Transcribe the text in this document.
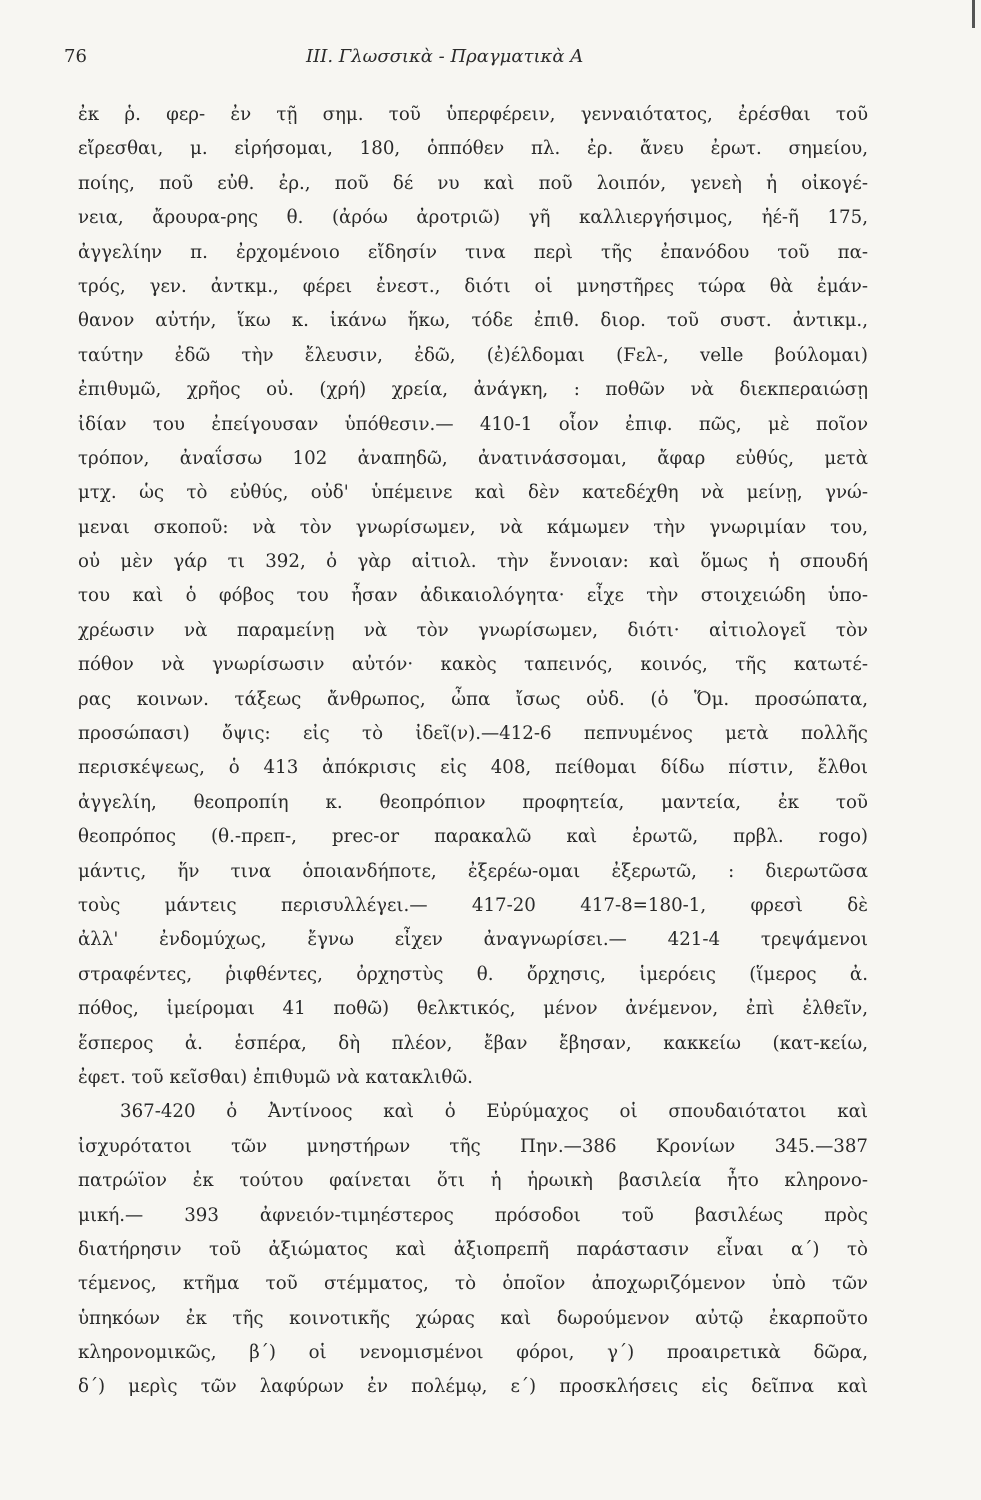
76	III. Γλωσσικὰ - Πραγματικὰ Α
ἐκ ῥ. φερ- ἐν τῇ σημ. τοῦ ὑπερφέρειν, γενναιότατος, ἐρέσθαι τοῦ
εἴρεσθαι, μ. εἰρήσομαι, 180, ὁππόθεν πλ. ἐρ. ἄνευ ἐρωτ. σημείου,
ποίης, ποῦ εὐθ. ἐρ., ποῦ δέ νυ καὶ ποῦ λοιπόν, γενεὴ ἡ οἰκογέ-
νεια, ἄρουρα-ρης θ. (ἀρόω ἀροτριῶ) γῆ καλλιεργήσιμος, ἠέ-ῆ 175,
ἀγγελίην π. ἐρχομένοιο εἴδησίν τινα περὶ τῆς ἐπανόδου τοῦ πα-
τρός, γεν. ἀντκμ., φέρει ἐνεστ., διότι οἱ μνηστῆρες τώρα θὰ ἐμάν-
θανον αὐτήν, ἵκω κ. ἱκάνω ἥκω, τόδε ἐπιθ. διορ. τοῦ συστ. ἀντικμ.,
ταύτην ἐδῶ τὴν ἔλευσιν, ἐδῶ, (ἐ)έλδομαι (Ϝελ-, velle βούλομαι)
ἐπιθυμῶ, χρῆος οὐ. (χρή) χρεία, ἀνάγκη, : ποθῶν νὰ διεκπεραιώσῃ
ἰδίαν του ἐπείγουσαν ὑπόθεσιν.— 410-1 οἷον ἐπιφ. πῶς, μὲ ποῖον
τρόπον, ἀναΐσσω 102 ἀναπηδῶ, ἀνατινάσσομαι, ἄφαρ εὐθύς, μετὰ
μτχ. ὡς τὸ εὐθύς, οὐδ' ὑπέμεινε καὶ δὲν κατεδέχθη νὰ μείνῃ, γνώ-
μεναι σκοποῦ: νὰ τὸν γνωρίσωμεν, νὰ κάμωμεν τὴν γνωριμίαν του,
οὐ μὲν γάρ τι 392, ὁ γὰρ αἰτιολ. τὴν ἔννοιαν: καὶ ὅμως ἡ σπουδή
του καὶ ὁ φόβος του ἦσαν ἀδικαιολόγητα· εἶχε τὴν στοιχειώδη ὑπο-
χρέωσιν νὰ παραμείνῃ νὰ τὸν γνωρίσωμεν, διότι· αἰτιολογεῖ τὸν
πόθον νὰ γνωρίσωσιν αὐτόν· κακὸς ταπεινός, κοινός, τῆς κατωτέ-
ρας κοινων. τάξεως ἄνθρωπος, ὦπα ἴσως οὐδ. (ὁ Ὅμ. προσώπατα,
προσώπασι) ὄψις: εἰς τὸ ἰδεῖ(ν).—412-6 πεπνυμένος μετὰ πολλῆς
περισκέψεως, ὁ 413 ἀπόκρισις εἰς 408, πείθομαι δίδω πίστιν, ἔλθοι
ἀγγελίη, θεοπροπίη κ. θεοπρόπιον προφητεία, μαντεία, ἐκ τοῦ
θεοπρόπος (θ.-πρεπ-, prec-or παρακαλῶ καὶ ἐρωτῶ, πρβλ. rogo)
μάντις, ἥν τινα ὁποιανδήποτε, ἐξερέω-ομαι ἐξερωτῶ, : διερωτῶσα
τοὺς μάντεις περισυλλέγει.— 417-20 417-8=180-1, φρεσὶ δὲ
ἀλλ' ἐνδομύχως, ἔγνω εἶχεν ἀναγνωρίσει.— 421-4 τρεψάμενοι
στραφέντες, ῥιφθέντες, ὀρχηστὺς θ. ὄρχησις, ἱμερόεις (ἵμερος ἀ.
πόθος, ἱμείρομαι 41 ποθῶ) θελκτικός, μένον ἀνέμενον, ἐπὶ ἐλθεῖν,
ἕσπερος ἀ. ἑσπέρα, δὴ πλέον, ἔβαν ἔβησαν, κακκείω (κατ-κείω,
ἐφετ. τοῦ κεῖσθαι) ἐπιθυμῶ νὰ κατακλιθῶ.
367-420 ὁ Ἀντίνοος καὶ ὁ Εὐρύμαχος οἱ σπουδαιότατοι καὶ
ἰσχυρότατοι τῶν μνηστήρων τῆς Πην.—386 Κρονίων 345.—387
πατρώϊον ἐκ τούτου φαίνεται ὅτι ἡ ἡρωικὴ βασιλεία ἦτο κληρονο-
μική.— 393 ἀφνειόν-τιμηέστερος πρόσοδοι τοῦ βασιλέως πρὸς
διατήρησιν τοῦ ἀξιώματος καὶ ἀξιοπρεπῆ παράστασιν εἶναι α΄) τὸ
τέμενος, κτῆμα τοῦ στέμματος, τὸ ὁποῖον ἀποχωριζόμενον ὑπὸ τῶν
ὑπηκόων ἐκ τῆς κοινοτικῆς χώρας καὶ δωρούμενον αὐτῷ ἐκαρποῦτο
κληρονομικῶς, β΄) οἱ νενομισμένοι φόροι, γ΄) προαιρετικὰ δῶρα,
δ΄) μερὶς τῶν λαφύρων ἐν πολέμῳ, ε΄) προσκλήσεις εἰς δεῖπνα καὶ
